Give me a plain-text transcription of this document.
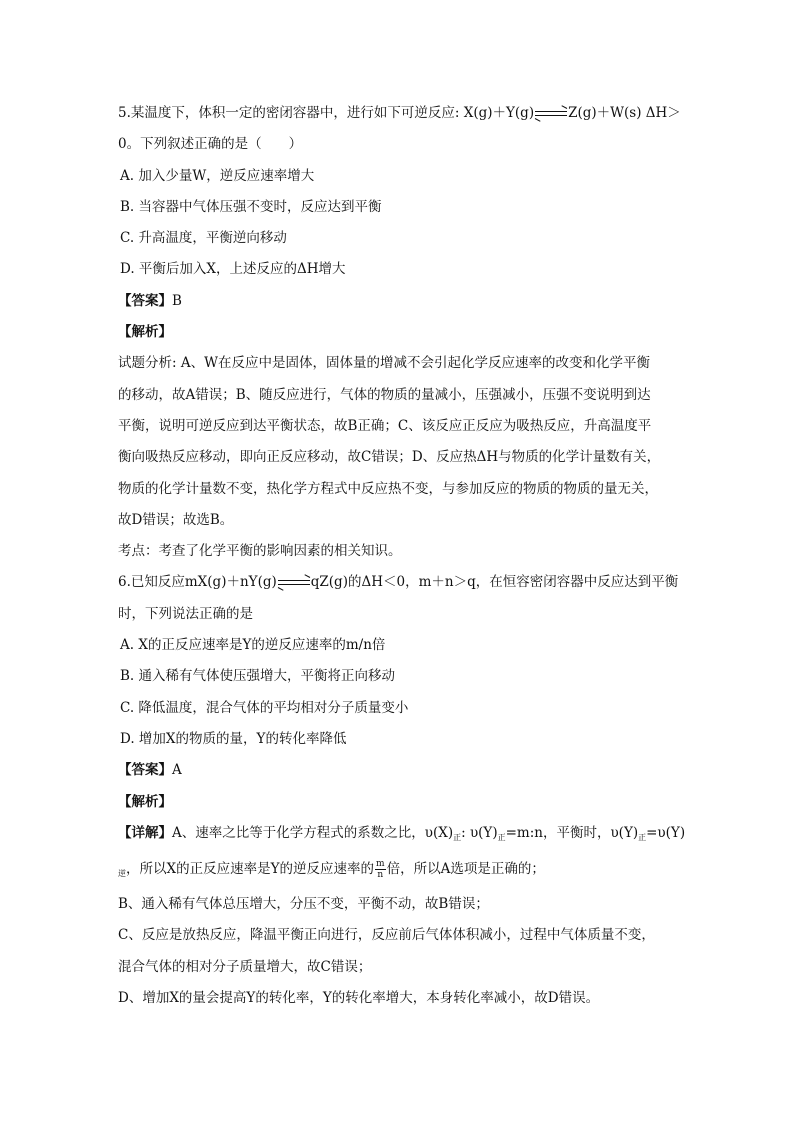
5.某温度下，体积一定的密闭容器中，进行如下可逆反应: X(g)＋Y(g)	Z(g)＋W(s) ΔH＞
0。下列叙述正确的是（　　）
A. 加入少量W，逆反应速率增大
B. 当容器中气体压强不变时，反应达到平衡
C. 升高温度，平衡逆向移动
D. 平衡后加入X，上述反应的ΔH增大
【答案】B
【解析】
试题分析: A、W在反应中是固体，固体量的增减不会引起化学反应速率的改变和化学平衡
的移动，故A错误；B、随反应进行，气体的物质的量减小，压强减小，压强不变说明到达
平衡，说明可逆反应到达平衡状态，故B正确；C、该反应正反应为吸热反应，升高温度平
衡向吸热反应移动，即向正反应移动，故C错误；D、反应热ΔH与物质的化学计量数有关，
物质的化学计量数不变，热化学方程式中反应热不变，与参加反应的物质的物质的量无关，
故D错误；故选B。
考点：考查了化学平衡的影响因素的相关知识。
6.已知反应mX(g)＋nY(g)	qZ(g)的ΔH＜0，m＋n＞q，在恒容密闭容器中反应达到平衡
时，下列说法正确的是
A. X的正反应速率是Y的逆反应速率的m/n倍
B. 通入稀有气体使压强增大，平衡将正向移动
C. 降低温度，混合气体的平均相对分子质量变小
D. 增加X的物质的量，Y的转化率降低
【答案】A
【解析】
【详解】A、速率之比等于化学方程式的系数之比，$\upsilon(X)_正$: $\upsilon(Y)_正=m:n$，平衡时，$\upsilon(Y)_正=\upsilon(Y)$
$_逆$，所以X的正反应速率是Y的逆反应速率的 $\frac{m}{n}$ 倍，所以A选项是正确的；
B、通入稀有气体总压增大，分压不变，平衡不动，故B错误；
C、反应是放热反应，降温平衡正向进行，反应前后气体体积减小，过程中气体质量不变，
混合气体的相对分子质量增大，故C错误；
D、增加X的量会提高Y的转化率，Y的转化率增大，本身转化率减小，故D错误。
